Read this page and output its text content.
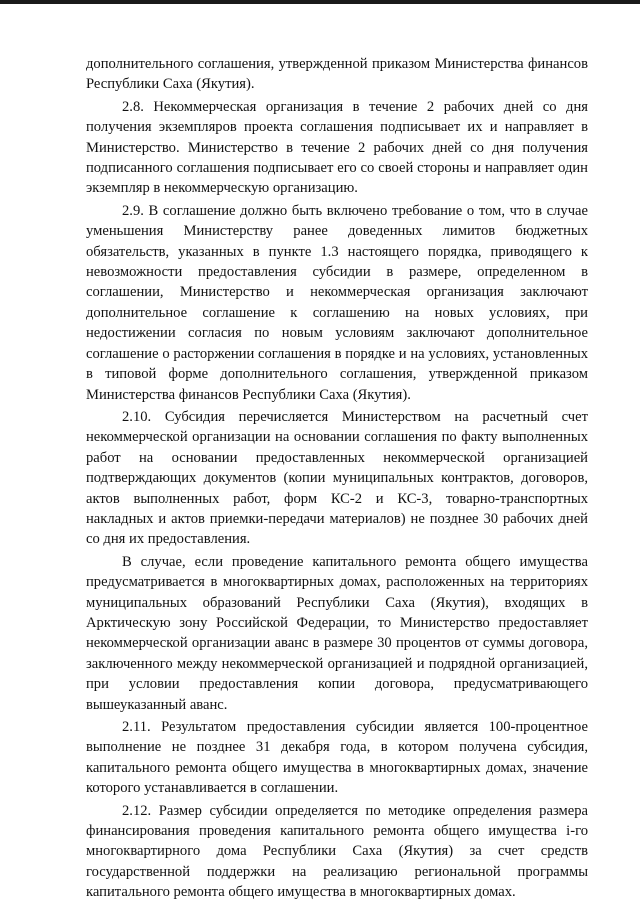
дополнительного соглашения, утвержденной приказом Министерства финансов Республики Саха (Якутия).

2.8. Некоммерческая организация в течение 2 рабочих дней со дня получения экземпляров проекта соглашения подписывает их и направляет в Министерство. Министерство в течение 2 рабочих дней со дня получения подписанного соглашения подписывает его со своей стороны и направляет один экземпляр в некоммерческую организацию.

2.9. В соглашение должно быть включено требование о том, что в случае уменьшения Министерству ранее доведенных лимитов бюджетных обязательств, указанных в пункте 1.3 настоящего порядка, приводящего к невозможности предоставления субсидии в размере, определенном в соглашении, Министерство и некоммерческая организация заключают дополнительное соглашение к соглашению на новых условиях, при недостижении согласия по новым условиям заключают дополнительное соглашение о расторжении соглашения в порядке и на условиях, установленных в типовой форме дополнительного соглашения, утвержденной приказом Министерства финансов Республики Саха (Якутия).

2.10. Субсидия перечисляется Министерством на расчетный счет некоммерческой организации на основании соглашения по факту выполненных работ на основании предоставленных некоммерческой организацией подтверждающих документов (копии муниципальных контрактов, договоров, актов выполненных работ, форм КС-2 и КС-3, товарно-транспортных накладных и актов приемки-передачи материалов) не позднее 30 рабочих дней со дня их предоставления.

В случае, если проведение капитального ремонта общего имущества предусматривается в многоквартирных домах, расположенных на территориях муниципальных образований Республики Саха (Якутия), входящих в Арктическую зону Российской Федерации, то Министерство предоставляет некоммерческой организации аванс в размере 30 процентов от суммы договора, заключенного между некоммерческой организацией и подрядной организацией, при условии предоставления копии договора, предусматривающего вышеуказанный аванс.

2.11. Результатом предоставления субсидии является 100-процентное выполнение не позднее 31 декабря года, в котором получена субсидия, капитального ремонта общего имущества в многоквартирных домах, значение которого устанавливается в соглашении.

2.12. Размер субсидии определяется по методике определения размера финансирования проведения капитального ремонта общего имущества i-го многоквартирного дома Республики Саха (Якутия) за счет средств государственной поддержки на реализацию региональной программы капитального ремонта общего имущества в многоквартирных домах.
